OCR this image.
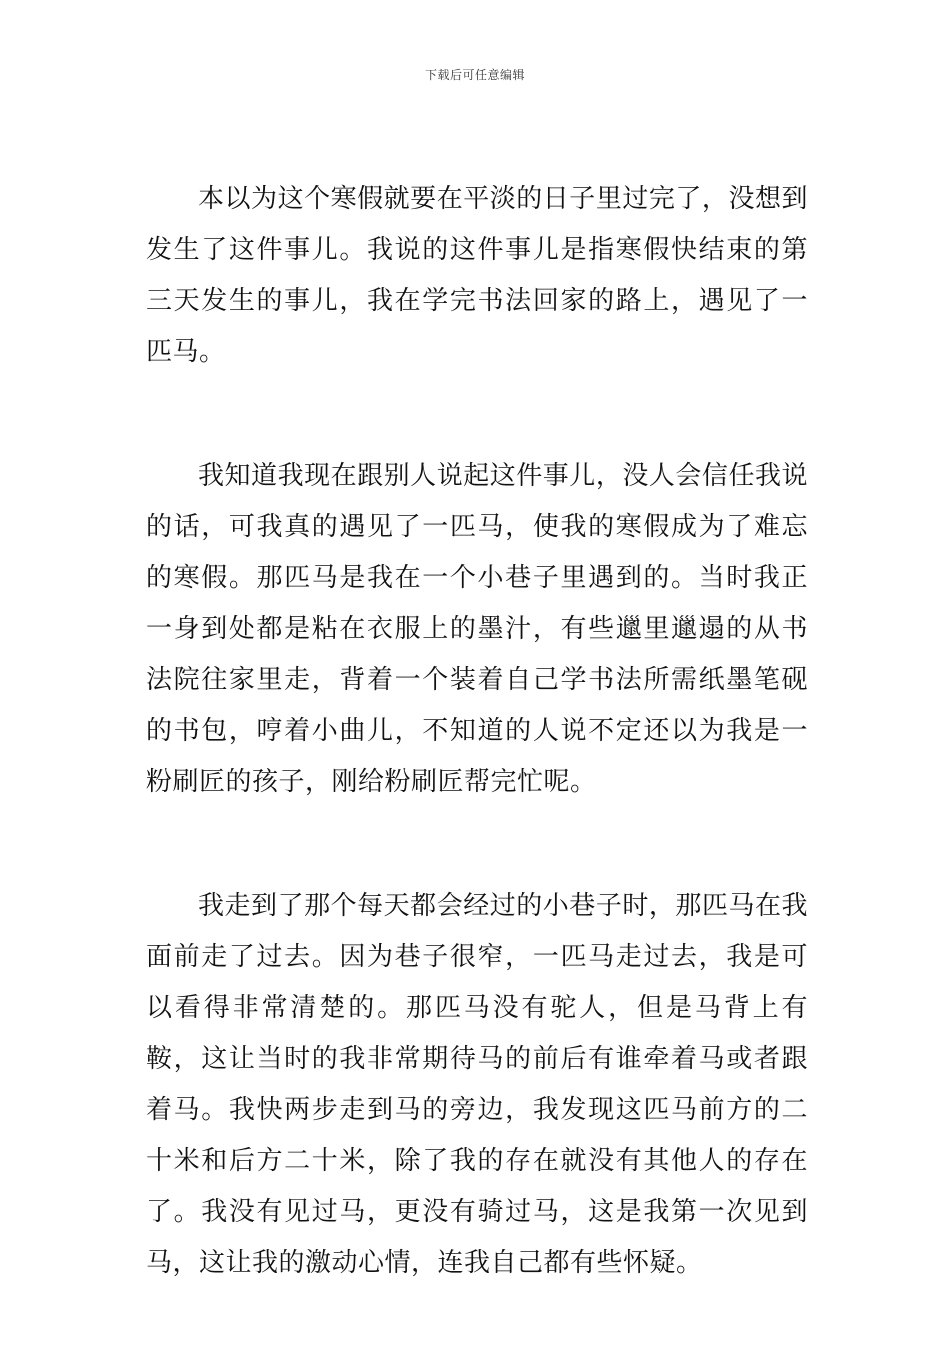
下载后可任意编辑

本以为这个寒假就要在平淡的日子里过完了，没想到发生了这件事儿。我说的这件事儿是指寒假快结束的第三天发生的事儿，我在学完书法回家的路上，遇见了一匹马。

我知道我现在跟别人说起这件事儿，没人会信任我说的话，可我真的遇见了一匹马，使我的寒假成为了难忘的寒假。那匹马是我在一个小巷子里遇到的。当时我正一身到处都是粘在衣服上的墨汁，有些邋里邋遢的从书法院往家里走，背着一个装着自己学书法所需纸墨笔砚的书包，哼着小曲儿，不知道的人说不定还以为我是一粉刷匠的孩子，刚给粉刷匠帮完忙呢。

我走到了那个每天都会经过的小巷子时，那匹马在我面前走了过去。因为巷子很窄，一匹马走过去，我是可以看得非常清楚的。那匹马没有驼人，但是马背上有鞍，这让当时的我非常期待马的前后有谁牵着马或者跟着马。我快两步走到马的旁边，我发现这匹马前方的二十米和后方二十米，除了我的存在就没有其他人的存在了。我没有见过马，更没有骑过马，这是我第一次见到马，这让我的激动心情，连我自己都有些怀疑。
